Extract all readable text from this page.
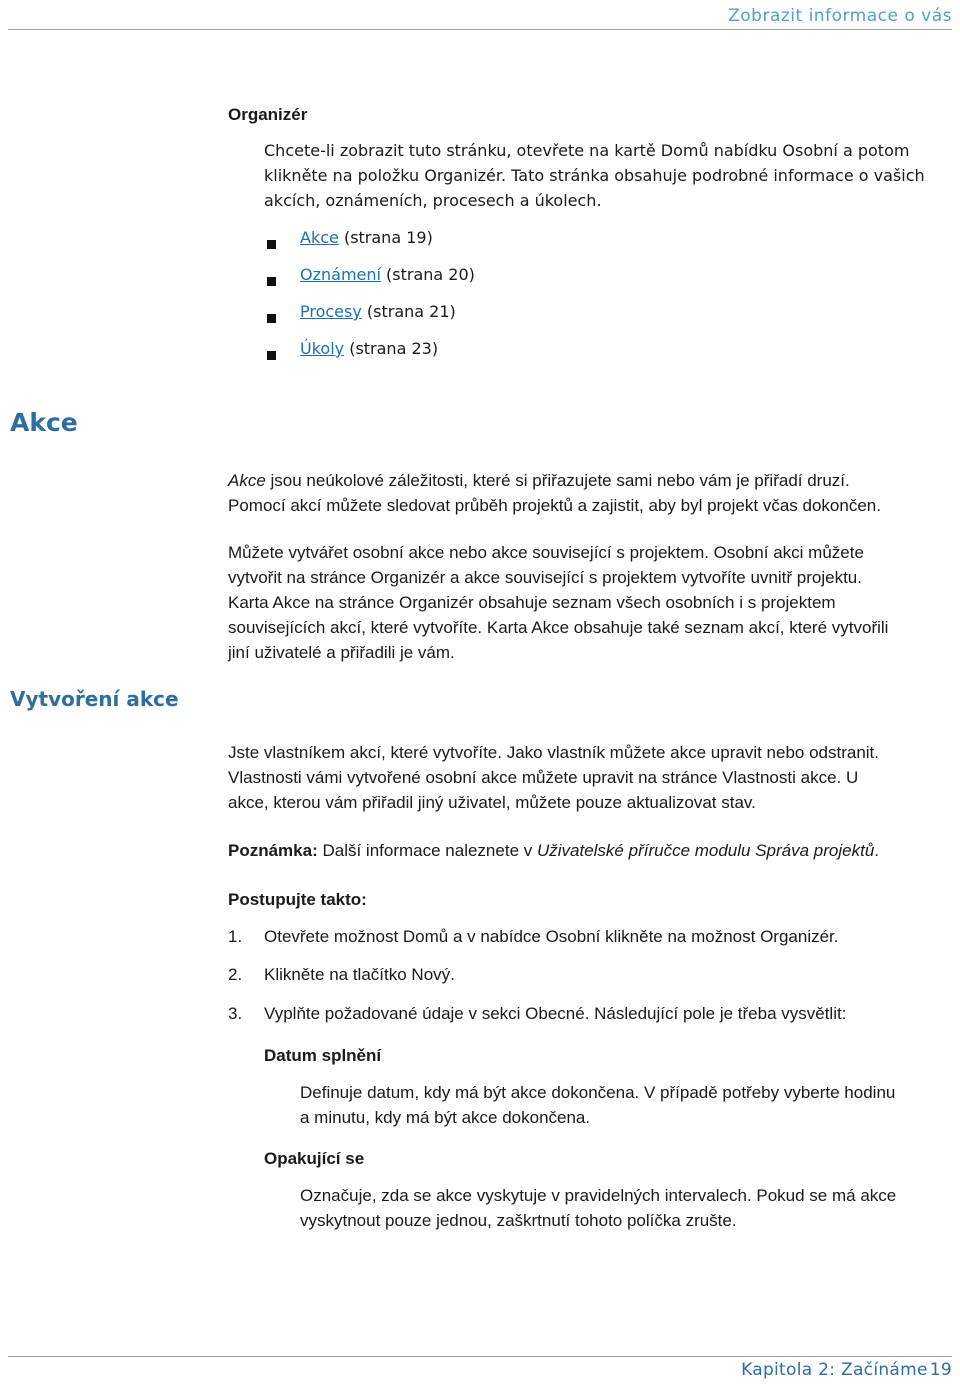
Zobrazit informace o vás
Organizér
Chcete-li zobrazit tuto stránku, otevřete na kartě Domů nabídku Osobní a potom
klikněte na položku Organizér. Tato stránka obsahuje podrobné informace o vašich
akcích, oznámeních, procesech a úkolech.
Akce (strana 19)
Oznámení (strana 20)
Procesy (strana 21)
Úkoly (strana 23)
Akce
Akce jsou neúkolové záležitosti, které si přiřazujete sami nebo vám je přiřadí druzí.
Pomocí akcí můžete sledovat průběh projektů a zajistit, aby byl projekt včas dokončen.
Můžete vytvářet osobní akce nebo akce související s projektem. Osobní akci můžete
vytvořit na stránce Organizér a akce související s projektem vytvoříte uvnitř projektu.
Karta Akce na stránce Organizér obsahuje seznam všech osobních i s projektem
souvisejících akcí, které vytvoříte. Karta Akce obsahuje také seznam akcí, které vytvořili
jiní uživatelé a přiřadili je vám.
Vytvoření akce
Jste vlastníkem akcí, které vytvoříte. Jako vlastník můžete akce upravit nebo odstranit.
Vlastnosti vámi vytvořené osobní akce můžete upravit na stránce Vlastnosti akce. U
akce, kterou vám přiřadil jiný uživatel, můžete pouze aktualizovat stav.
Poznámka: Další informace naleznete v Uživatelské příručce modulu Správa projektů.
Postupujte takto:
1. Otevřete možnost Domů a v nabídce Osobní klikněte na možnost Organizér.
2. Klikněte na tlačítko Nový.
3. Vyplňte požadované údaje v sekci Obecné. Následující pole je třeba vysvětlit:
Datum splnění
Definuje datum, kdy má být akce dokončena. V případě potřeby vyberte hodinu
a minutu, kdy má být akce dokončena.
Opakující se
Označuje, zda se akce vyskytuje v pravidelných intervalech. Pokud se má akce
vyskytnout pouze jednou, zaškrtnutí tohoto políčka zrušte.
Kapitola 2: Začínáme 19
